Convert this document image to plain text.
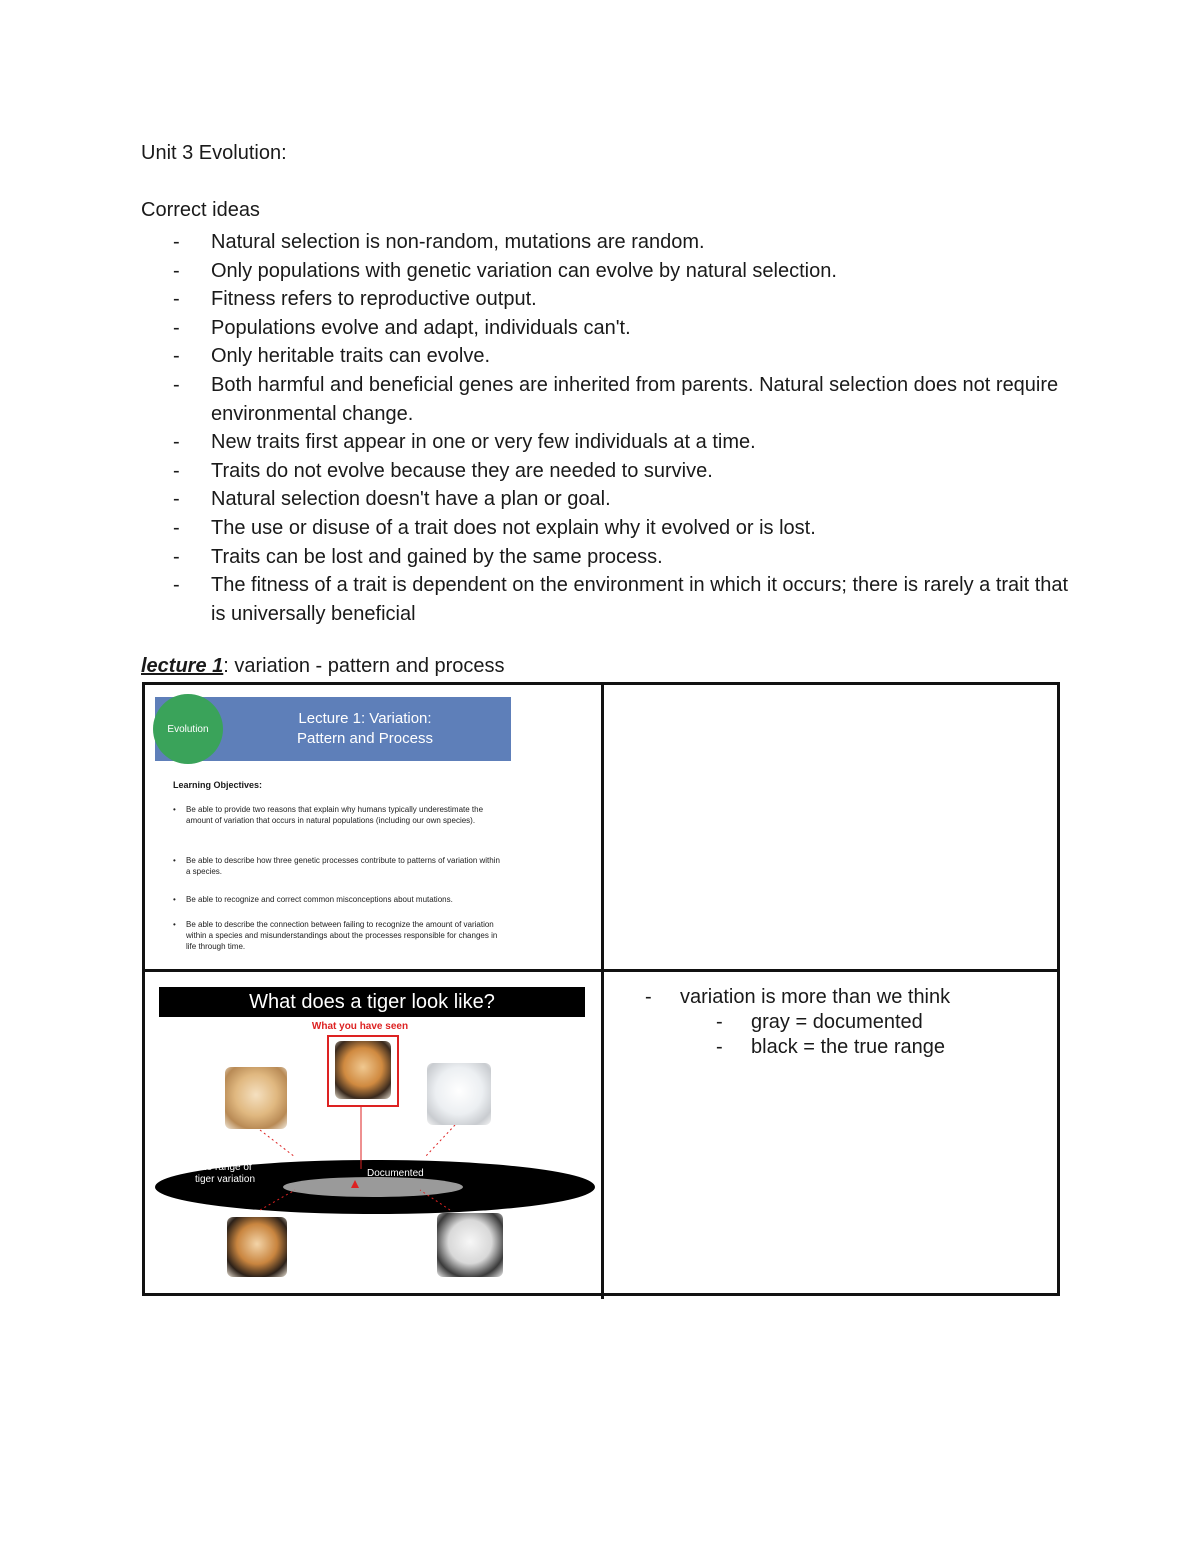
Unit 3 Evolution:
Correct ideas
- Natural selection is non-random, mutations are random.
- Only populations with genetic variation can evolve by natural selection.
- Fitness refers to reproductive output.
- Populations evolve and adapt, individuals can't.
- Only heritable traits can evolve.
- Both harmful and beneficial genes are inherited from parents. Natural selection does not require environmental change.
- New traits first appear in one or very few individuals at a time.
- Traits do not evolve because they are needed to survive.
- Natural selection doesn't have a plan or goal.
- The use or disuse of a trait does not explain why it evolved or is lost.
- Traits can be lost and gained by the same process.
- The fitness of a trait is dependent on the environment in which it occurs; there is rarely a trait that is universally beneficial
lecture 1: variation - pattern and process
Lecture 1: Variation:
Pattern and Process
Evolution
Learning Objectives:
•	Be able to provide two reasons that explain why humans typically underestimate the amount of variation that occurs in natural populations (including our own species).
•	Be able to describe how three genetic processes contribute to patterns of variation within a species.
•	Be able to recognize and correct common misconceptions about mutations.
•	Be able to describe the connection between failing to recognize the amount of variation within a species and misunderstandings about the processes responsible for changes in life through time.
What does a tiger look like?
What you have seen
true range of
tiger variation
Documented
- variation is more than we think
- gray = documented
- black = the true range
